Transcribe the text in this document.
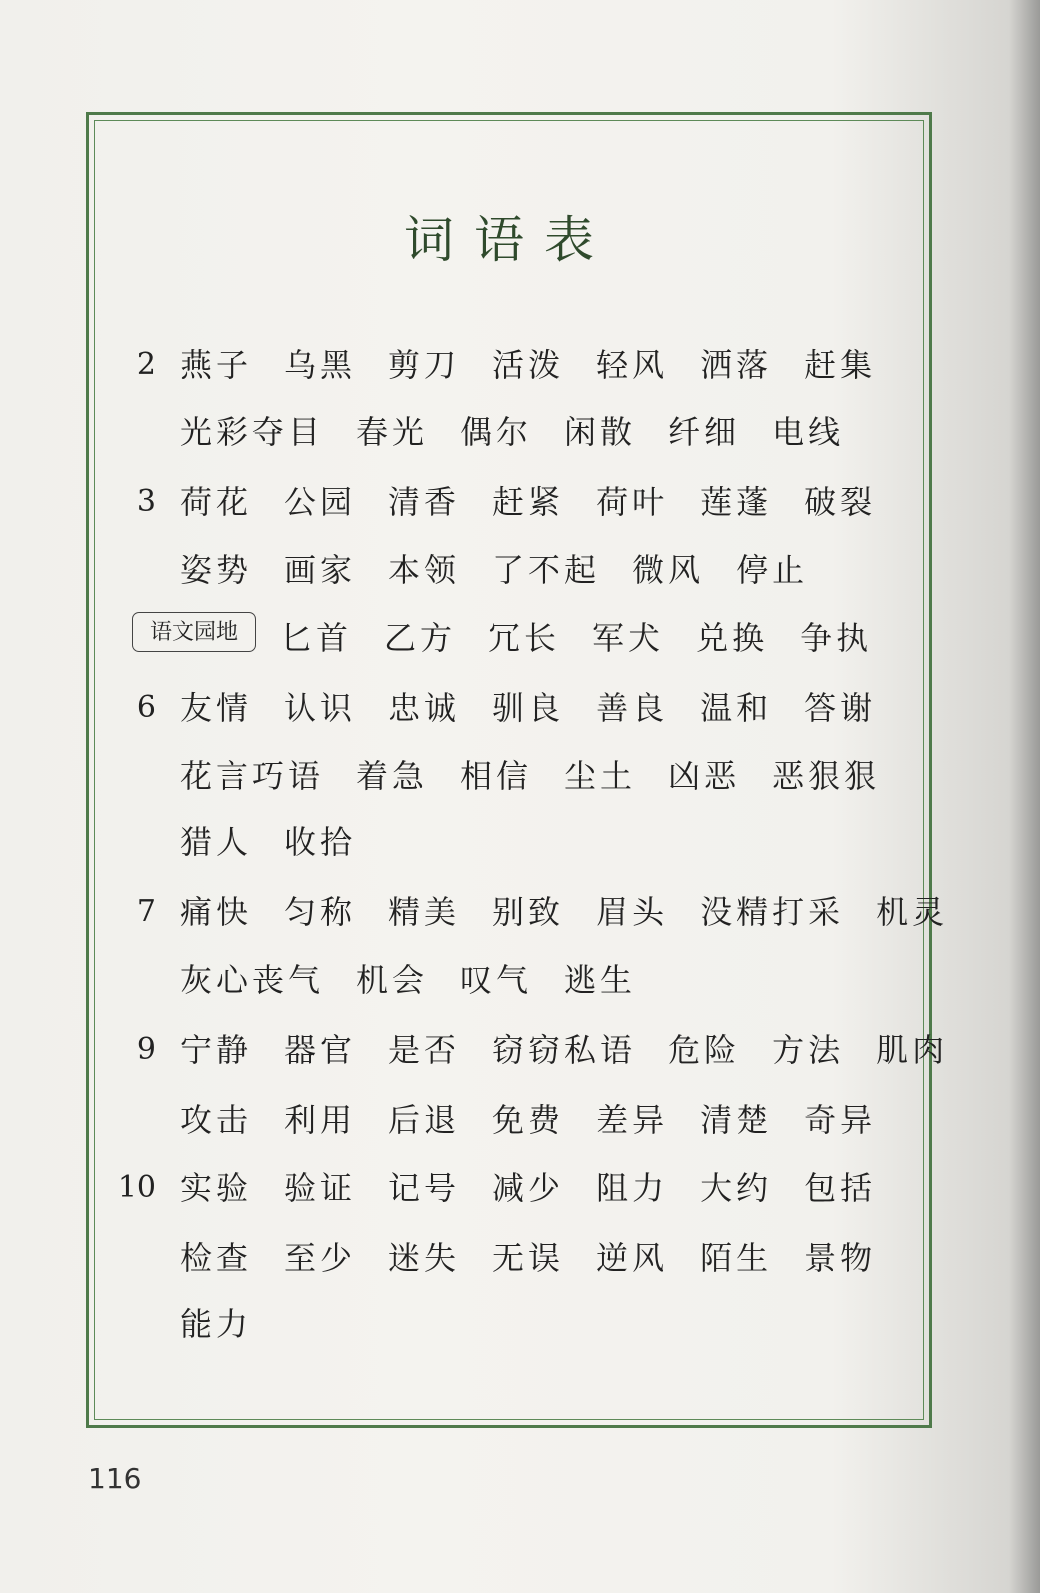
词语表
语文园地
2 燕子 乌黑 剪刀 活泼 轻风 洒落 赶集
光彩夺目 春光 偶尔 闲散 纤细 电线
3 荷花 公园 清香 赶紧 荷叶 莲蓬 破裂
姿势 画家 本领 了不起 微风 停止
匕首 乙方 冗长 军犬 兑换 争执
6 友情 认识 忠诚 驯良 善良 温和 答谢
花言巧语 着急 相信 尘土 凶恶 恶狠狠
猎人 收拾
7 痛快 匀称 精美 别致 眉头 没精打采 机灵
灰心丧气 机会 叹气 逃生
9 宁静 器官 是否 窃窃私语 危险 方法 肌肉
攻击 利用 后退 免费 差异 清楚 奇异
10 实验 验证 记号 减少 阻力 大约 包括
检查 至少 迷失 无误 逆风 陌生 景物
能力
116
